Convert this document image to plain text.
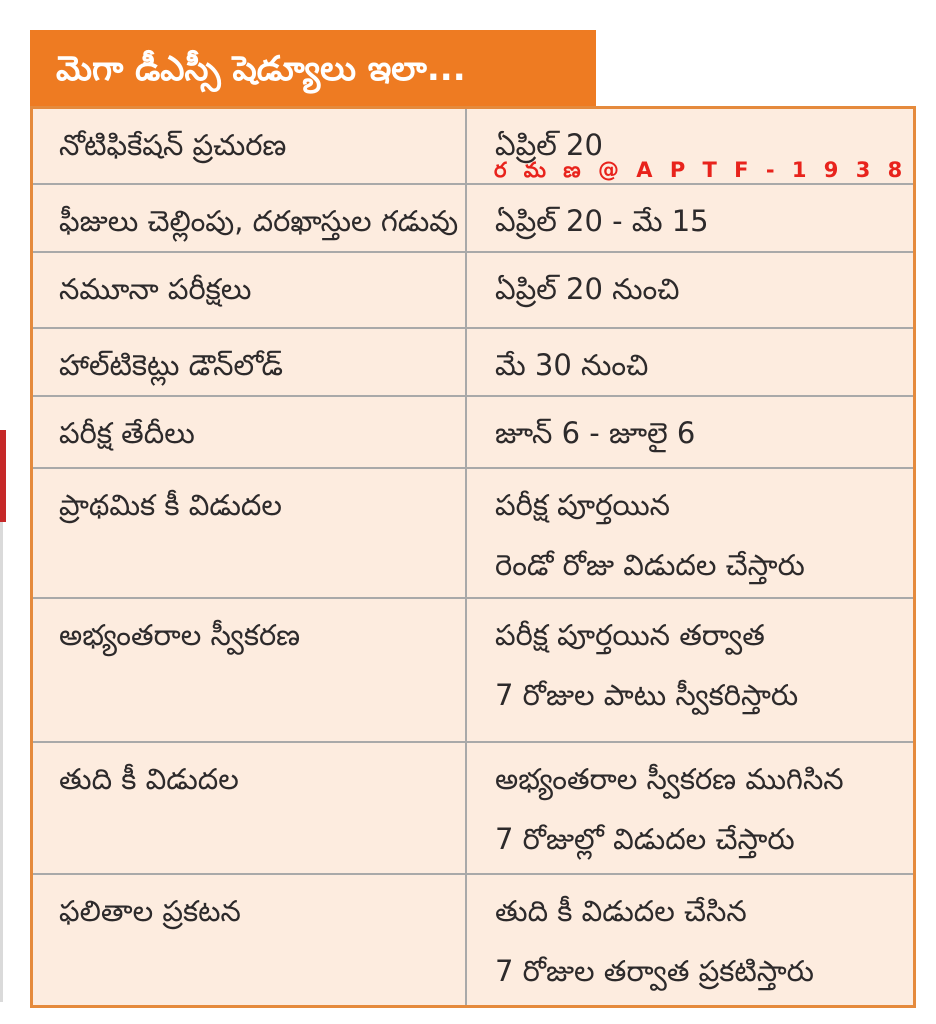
మెగా డీఎస్సీ షెడ్యూలు ఇలా...
నోటిఫికేషన్ ప్రచురణ	ఏప్రిల్ 20
ఫీజులు చెల్లింపు, దరఖాస్తుల గడువు	ఏప్రిల్ 20 - మే 15
నమూనా పరీక్షలు	ఏప్రిల్ 20 నుంచి
హాల్‌టికెట్లు డౌన్‌లోడ్	మే 30 నుంచి
పరీక్ష తేదీలు	జూన్ 6 - జూలై 6
ప్రాథమిక కీ విడుదల	పరీక్ష పూర్తయిన
రెండో రోజు విడుదల చేస్తారు
అభ్యంతరాల స్వీకరణ	పరీక్ష పూర్తయిన తర్వాత
7 రోజుల పాటు స్వీకరిస్తారు
తుది కీ విడుదల	అభ్యంతరాల స్వీకరణ ముగిసిన
7 రోజుల్లో విడుదల చేస్తారు
ఫలితాల ప్రకటన	తుది కీ విడుదల చేసిన
7 రోజుల తర్వాత ప్రకటిస్తారు
ర మ ణ @ A P T F - 1 9 3 8
